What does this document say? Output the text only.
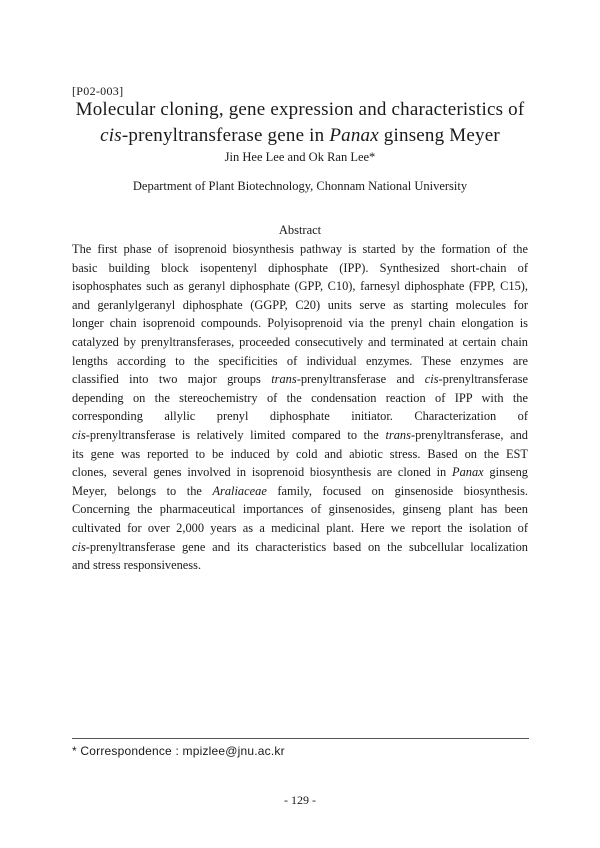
[P02-003]
Molecular cloning, gene expression and characteristics of
cis-prenyltransferase gene in Panax ginseng Meyer
Jin Hee Lee and Ok Ran Lee*
Department of Plant Biotechnology, Chonnam National University
Abstract
The first phase of isoprenoid biosynthesis pathway is started by the formation of the
basic building block isopentenyl diphosphate (IPP). Synthesized short-chain of
isophosphates such as geranyl diphosphate (GPP, C10), farnesyl diphosphate (FPP, C15),
and geranlylgeranyl diphosphate (GGPP, C20) units serve as starting molecules for
longer chain isoprenoid compounds. Polyisoprenoid via the prenyl chain elongation is
catalyzed by prenyltransferases, proceeded consecutively and terminated at certain chain
lengths according to the specificities of individual enzymes. These enzymes are
classified into two major groups trans-prenyltransferase and cis-prenyltransferase
depending on the stereochemistry of the condensation reaction of IPP with the
corresponding allylic prenyl diphosphate initiator. Characterization of
cis-prenyltransferase is relatively limited compared to the trans-prenyltransferase, and
its gene was reported to be induced by cold and abiotic stress. Based on the EST
clones, several genes involved in isoprenoid biosynthesis are cloned in Panax ginseng
Meyer, belongs to the Araliaceae family, focused on ginsenoside biosynthesis.
Concerning the pharmaceutical importances of ginsenosides, ginseng plant has been
cultivated for over 2,000 years as a medicinal plant. Here we report the isolation of
cis-prenyltransferase gene and its characteristics based on the subcellular localization
and stress responsiveness.
* Correspondence : mpizlee@jnu.ac.kr
- 129 -
